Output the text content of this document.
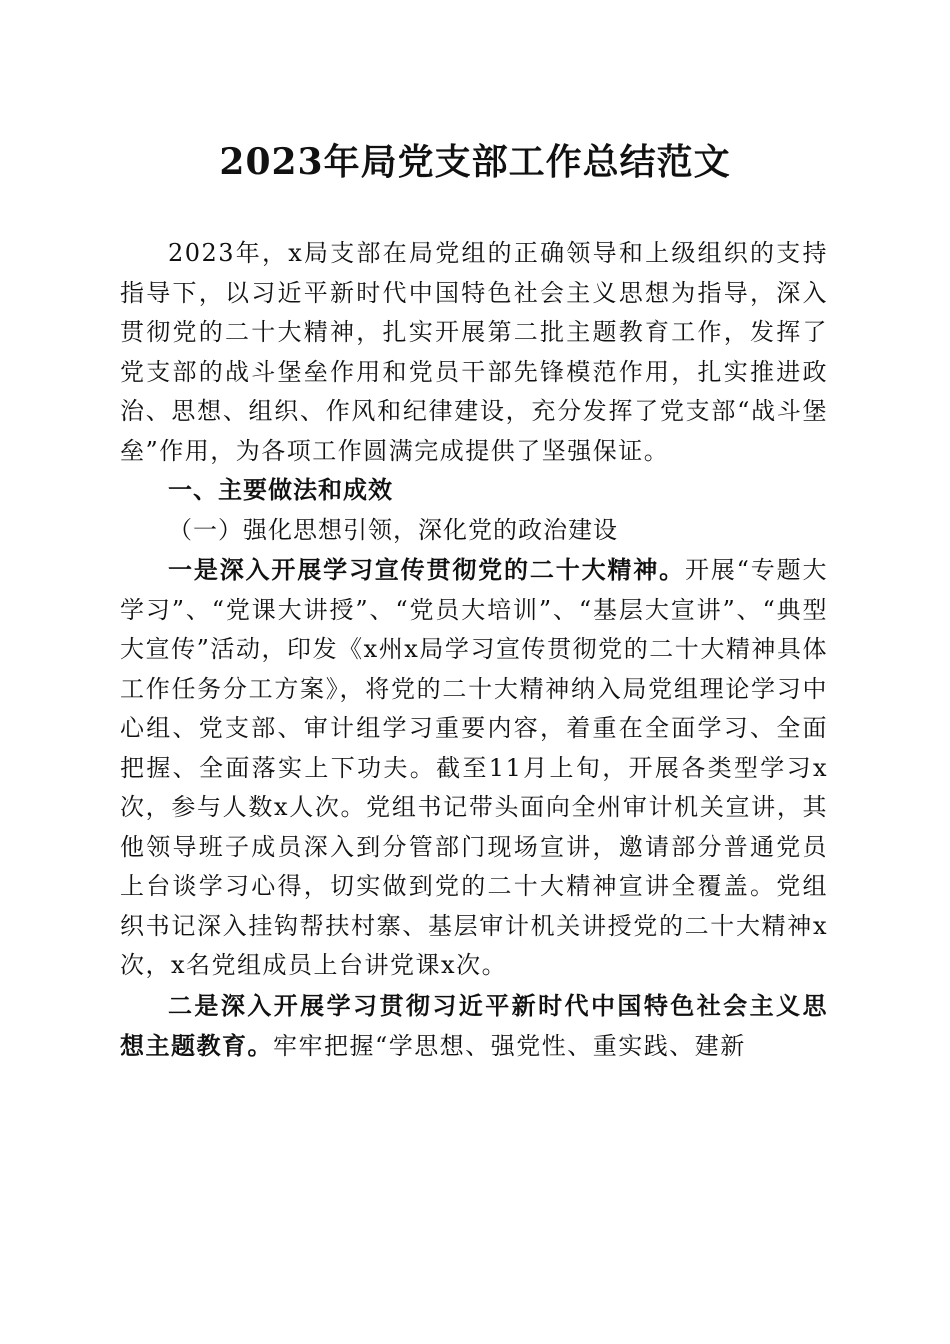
2023年局党支部工作总结范文

2023年，x局支部在局党组的正确领导和上级组织的支持指导下，以习近平新时代中国特色社会主义思想为指导，深入贯彻党的二十大精神，扎实开展第二批主题教育工作，发挥了党支部的战斗堡垒作用和党员干部先锋模范作用，扎实推进政治、思想、组织、作风和纪律建设，充分发挥了党支部“战斗堡垒”作用，为各项工作圆满完成提供了坚强保证。

一、主要做法和成效

（一）强化思想引领，深化党的政治建设

一是深入开展学习宣传贯彻党的二十大精神。开展“专题大学习”、“党课大讲授”、“党员大培训”、“基层大宣讲”、“典型大宣传”活动，印发《x州x局学习宣传贯彻党的二十大精神具体工作任务分工方案》，将党的二十大精神纳入局党组理论学习中心组、党支部、审计组学习重要内容，着重在全面学习、全面把握、全面落实上下功夫。截至11月上旬，开展各类型学习x次，参与人数x人次。党组书记带头面向全州审计机关宣讲，其他领导班子成员深入到分管部门现场宣讲，邀请部分普通党员上台谈学习心得，切实做到党的二十大精神宣讲全覆盖。党组织书记深入挂钩帮扶村寨、基层审计机关讲授党的二十大精神x次，x名党组成员上台讲党课x次。

二是深入开展学习贯彻习近平新时代中国特色社会主义思想主题教育。牢牢把握“学思想、强党性、重实践、建新
